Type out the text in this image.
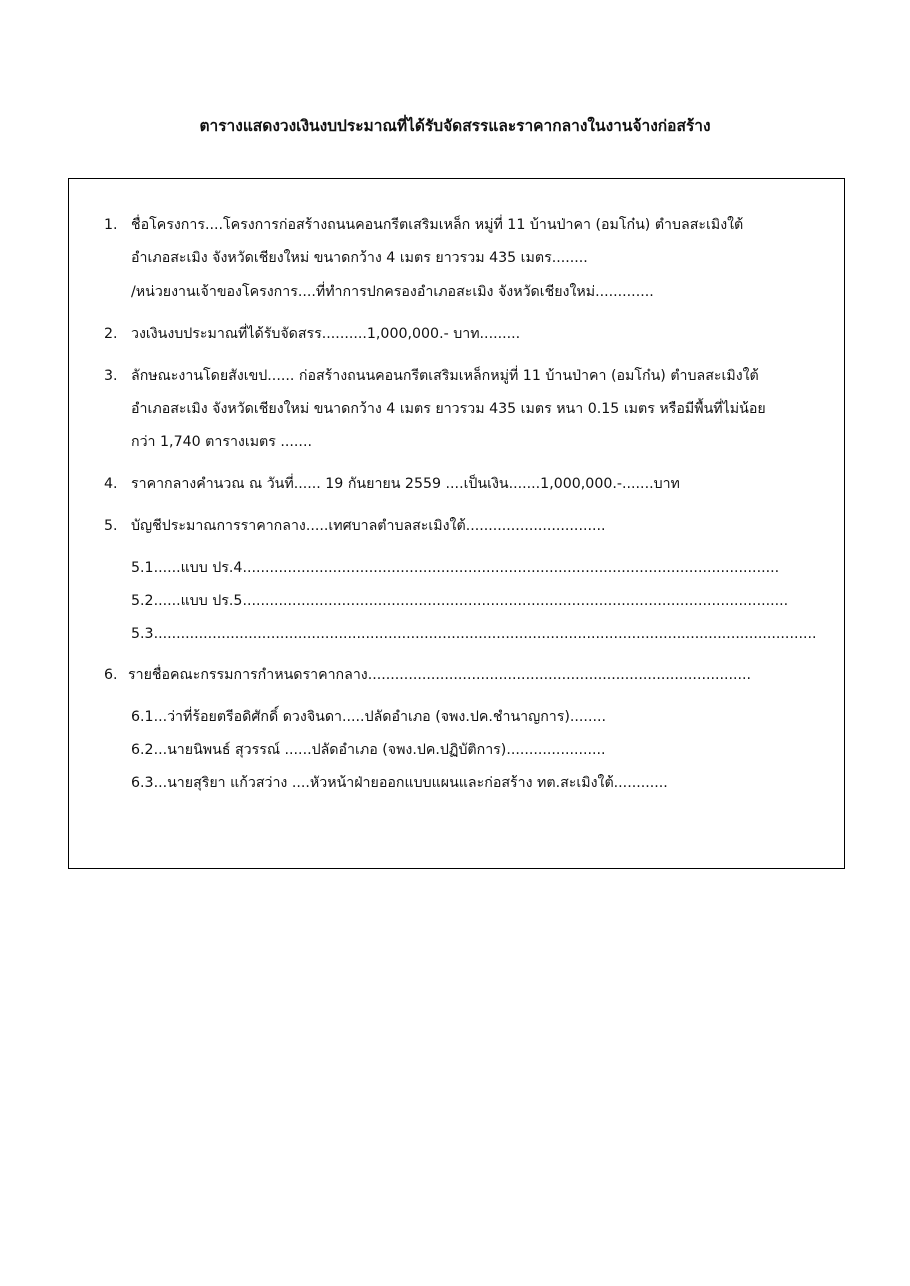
ตารางแสดงวงเงินงบประมาณที่ได้รับจัดสรรและราคากลางในงานจ้างก่อสร้าง
1. ชื่อโครงการ....โครงการก่อสร้างถนนคอนกรีตเสริมเหล็ก หมู่ที่ 11 บ้านป่าคา (อมโก๋น) ตำบลสะเมิงใต้
อำเภอสะเมิง จังหวัดเชียงใหม่ ขนาดกว้าง 4 เมตร ยาวรวม 435 เมตร........
/หน่วยงานเจ้าของโครงการ....ที่ทำการปกครองอำเภอสะเมิง จังหวัดเชียงใหม่.............
2. วงเงินงบประมาณที่ได้รับจัดสรร..........1,000,000.- บาท.........
3. ลักษณะงานโดยสังเขป...... ก่อสร้างถนนคอนกรีตเสริมเหล็กหมู่ที่ 11 บ้านป่าคา (อมโก๋น) ตำบลสะเมิงใต้
อำเภอสะเมิง จังหวัดเชียงใหม่ ขนาดกว้าง 4 เมตร ยาวรวม 435 เมตร หนา 0.15 เมตร หรือมีพื้นที่ไม่น้อย
กว่า 1,740 ตารางเมตร .......
4. ราคากลางคำนวณ ณ วันที่...... 19 กันยายน 2559 ....เป็นเงิน.......1,000,000.-.......บาท
5. บัญชีประมาณการราคากลาง.....เทศบาลตำบลสะเมิงใต้...............................
5.1......แบบ ปร.4.......................................................................................................................
5.2......แบบ ปร.5.........................................................................................................................
5.3...................................................................................................................................................
6. รายชื่อคณะกรรมการกำหนดราคากลาง.....................................................................................
6.1...ว่าที่ร้อยตรีอดิศักดิ์ ดวงจินดา.....ปลัดอำเภอ (จพง.ปค.ชำนาญการ)........
6.2...นายนิพนธ์ สุวรรณ์ ......ปลัดอำเภอ (จพง.ปค.ปฏิบัติการ)......................
6.3...นายสุริยา แก้วสว่าง ....หัวหน้าฝ่ายออกแบบแผนและก่อสร้าง ทต.สะเมิงใต้............
